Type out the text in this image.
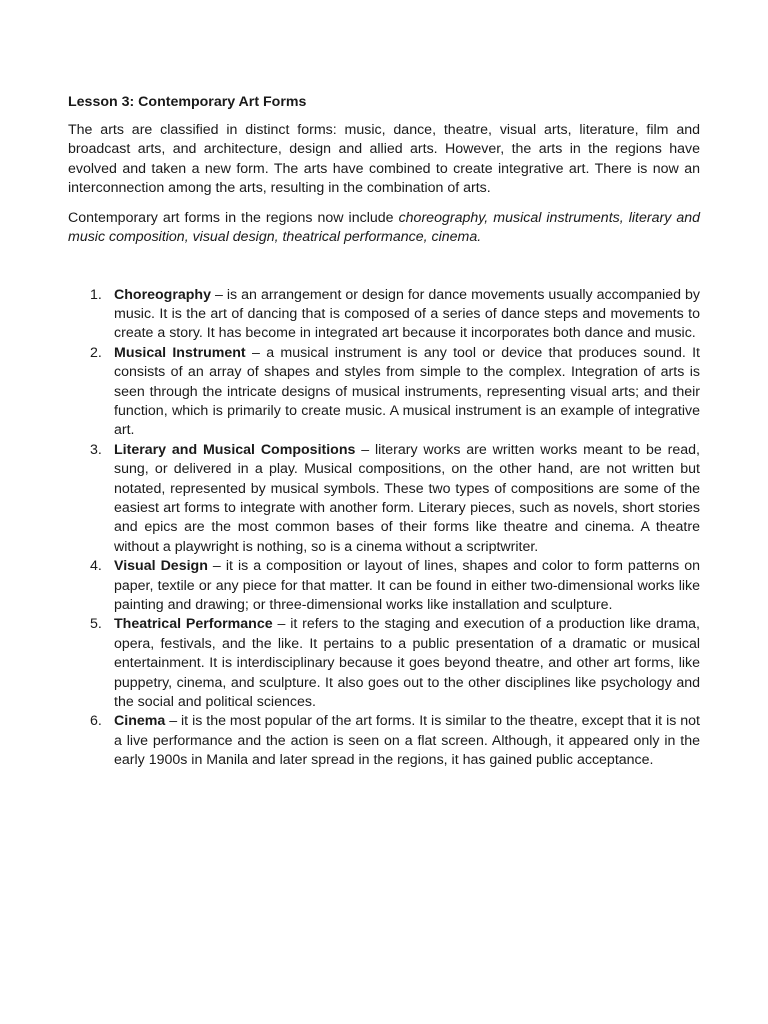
Lesson 3: Contemporary Art Forms

The arts are classified in distinct forms: music, dance, theatre, visual arts, literature, film and broadcast arts, and architecture, design and allied arts. However, the arts in the regions have evolved and taken a new form. The arts have combined to create integrative art. There is now an interconnection among the arts, resulting in the combination of arts.

Contemporary art forms in the regions now include choreography, musical instruments, literary and music composition, visual design, theatrical performance, cinema.

1. Choreography – is an arrangement or design for dance movements usually accompanied by music. It is the art of dancing that is composed of a series of dance steps and movements to create a story. It has become in integrated art because it incorporates both dance and music.
2. Musical Instrument – a musical instrument is any tool or device that produces sound. It consists of an array of shapes and styles from simple to the complex. Integration of arts is seen through the intricate designs of musical instruments, representing visual arts; and their function, which is primarily to create music. A musical instrument is an example of integrative art.
3. Literary and Musical Compositions – literary works are written works meant to be read, sung, or delivered in a play. Musical compositions, on the other hand, are not written but notated, represented by musical symbols. These two types of compositions are some of the easiest art forms to integrate with another form. Literary pieces, such as novels, short stories and epics are the most common bases of their forms like theatre and cinema. A theatre without a playwright is nothing, so is a cinema without a scriptwriter.
4. Visual Design – it is a composition or layout of lines, shapes and color to form patterns on paper, textile or any piece for that matter. It can be found in either two-dimensional works like painting and drawing; or three-dimensional works like installation and sculpture.
5. Theatrical Performance – it refers to the staging and execution of a production like drama, opera, festivals, and the like. It pertains to a public presentation of a dramatic or musical entertainment. It is interdisciplinary because it goes beyond theatre, and other art forms, like puppetry, cinema, and sculpture. It also goes out to the other disciplines like psychology and the social and political sciences.
6. Cinema – it is the most popular of the art forms. It is similar to the theatre, except that it is not a live performance and the action is seen on a flat screen. Although, it appeared only in the early 1900s in Manila and later spread in the regions, it has gained public acceptance.
